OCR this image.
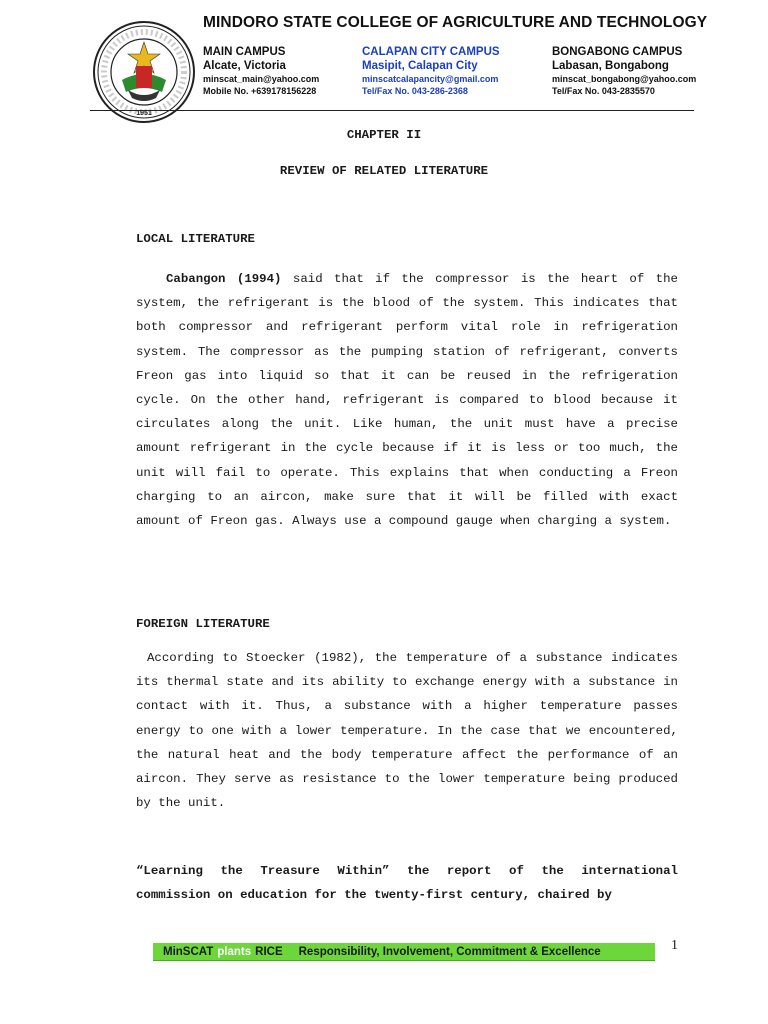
1951
MINDORO STATE COLLEGE OF AGRICULTURE AND TECHNOLOGY
MAIN CAMPUS
Alcate, Victoria
minscat_main@yahoo.com
Mobile No. +639178156228
CALAPAN CITY CAMPUS
Masipit, Calapan City
minscatcalapancity@gmail.com
Tel/Fax No. 043-286-2368
BONGABONG CAMPUS
Labasan, Bongabong
minscat_bongabong@yahoo.com
Tel/Fax No. 043-2835570
CHAPTER II
REVIEW OF RELATED LITERATURE
LOCAL LITERATURE
Cabangon (1994) said that if the compressor is the heart of the system, the refrigerant is the blood of the system. This indicates that both compressor and refrigerant perform vital role in refrigeration system. The compressor as the pumping station of refrigerant, converts Freon gas into liquid so that it can be reused in the refrigeration cycle. On the other hand, refrigerant is compared to blood because it circulates along the unit. Like human, the unit must have a precise amount refrigerant in the cycle because if it is less or too much, the unit will fail to operate. This explains that when conducting a Freon charging to an aircon, make sure that it will be filled with exact amount of Freon gas. Always use a compound gauge when charging a system.
FOREIGN LITERATURE
According to Stoecker (1982), the temperature of a substance indicates its thermal state and its ability to exchange energy with a substance in contact with it. Thus, a substance with a higher temperature passes energy to one with a lower temperature. In the case that we encountered, the natural heat and the body temperature affect the performance of an aircon. They serve as resistance to the lower temperature being produced by the unit.
“Learning the Treasure Within” the report of the international commission on education for the twenty-first century, chaired by
MinSCAT plants RICE Responsibility, Involvement, Commitment & Excellence	1
